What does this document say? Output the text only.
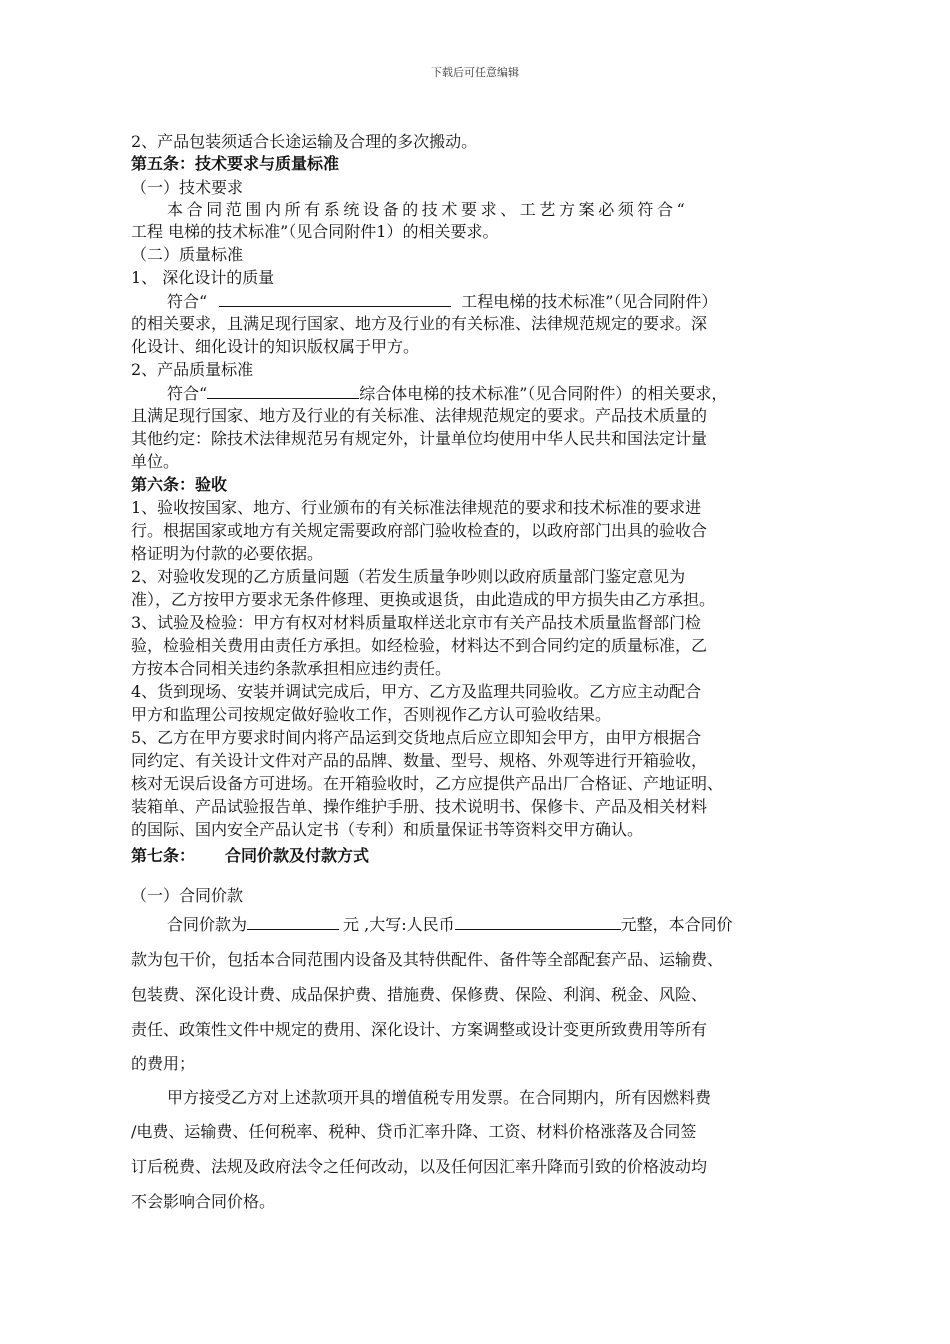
下载后可任意编辑
2、产品包装须适合长途运输及合理的多次搬动。
第五条：技术要求与质量标准
（一）技术要求
本合同范围内所有系统设备的技术要求、工艺方案必须符合“
工程 电梯的技术标准”（见合同附件1）的相关要求。
（二）质量标准
1、 深化设计的质量
符合“	工程电梯的技术标准”（见合同附件）
的相关要求，且满足现行国家、地方及行业的有关标准、法律规范规定的要求。深
化设计、细化设计的知识版权属于甲方。
2、产品质量标准
符合“	综合体电梯的技术标准”（见合同附件）的相关要求，
且满足现行国家、地方及行业的有关标准、法律规范规定的要求。产品技术质量的
其他约定：除技术法律规范另有规定外，计量单位均使用中华人民共和国法定计量
单位。
第六条：验收
1、验收按国家、地方、行业颁布的有关标准法律规范的要求和技术标准的要求进
行。根据国家或地方有关规定需要政府部门验收检查的，以政府部门出具的验收合
格证明为付款的必要依据。
2、对验收发现的乙方质量问题（若发生质量争吵则以政府质量部门鉴定意见为
准），乙方按甲方要求无条件修理、更换或退货，由此造成的甲方损失由乙方承担。
3、试验及检验：甲方有权对材料质量取样送北京市有关产品技术质量监督部门检
验，检验相关费用由责任方承担。如经检验，材料达不到合同约定的质量标准，乙
方按本合同相关违约条款承担相应违约责任。
4、货到现场、安装并调试完成后，甲方、乙方及监理共同验收。乙方应主动配合
甲方和监理公司按规定做好验收工作，否则视作乙方认可验收结果。
5、乙方在甲方要求时间内将产品运到交货地点后应立即知会甲方，由甲方根据合
同约定、有关设计文件对产品的品牌、数量、型号、规格、外观等进行开箱验收，
核对无误后设备方可进场。在开箱验收时，乙方应提供产品出厂合格证、产地证明、
装箱单、产品试验报告单、操作维护手册、技术说明书、保修卡、产品及相关材料
的国际、国内安全产品认定书（专利）和质量保证书等资料交甲方确认。
第七条： 合同价款及付款方式
（一）合同价款
合同价款为	元 ,大写:人民币	元整，本合同价
款为包干价，包括本合同范围内设备及其特供配件、备件等全部配套产品、运输费、
包装费、深化设计费、成品保护费、措施费、保修费、保险、利润、税金、风险、
责任、政策性文件中规定的费用、深化设计、方案调整或设计变更所致费用等所有
的费用；
甲方接受乙方对上述款项开具的增值税专用发票。在合同期内，所有因燃料费
/电费、运输费、任何税率、税种、贷币汇率升降、工资、材料价格涨落及合同签
订后税费、法规及政府法令之任何改动，以及任何因汇率升降而引致的价格波动均
不会影响合同价格。
